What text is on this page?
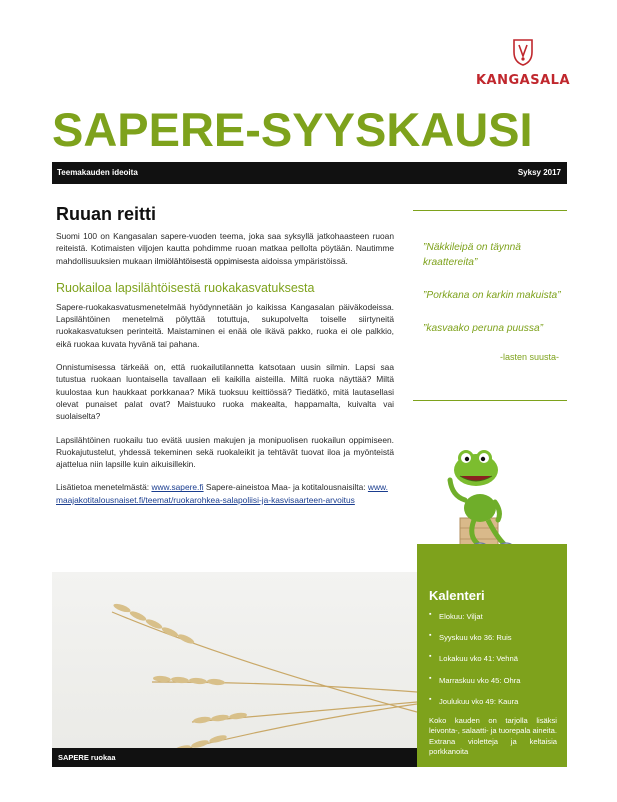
KANGASALA
SAPERE-SYYSKAUSI
Teemakauden ideoita	Syksy 2017
Ruuan reitti

Suomi 100 on Kangasalan sapere-vuoden teema, joka saa syksyllä jatkohaasteen ruoan reiteistä. Kotimaisten viljojen kautta pohdimme ruoan matkaa pellolta pöytään. Nautimme mahdollisuuksien mukaan ilmiölähtöisestä oppimisesta aidoissa ympäristöissä.

Ruokailoa lapsilähtöisestä ruokakasvatuksesta

Sapere-ruokakasvatusmenetelmää hyödynnetään jo kaikissa Kangasalan päiväkodeissa. Lapsilähtöinen menetelmä pölyttää totuttuja, sukupolvelta toiselle siirtyneitä ruokakasvatuksen perinteitä. Maistaminen ei enää ole ikävä pakko, ruoka ei ole palkkio, eikä ruokaa kuvata hyvänä tai pahana.

Onnistumisessa tärkeää on, että ruokailutilannetta katsotaan uusin silmin. Lapsi saa tutustua ruokaan luontaisella tavallaan eli kaikilla aisteilla. Miltä ruoka näyttää? Miltä kuulostaa kun haukkaat porkkanaa? Mikä tuoksuu keittiössä? Tiedätkö, mitä lautasellasi olevat punaiset palat ovat? Maistuuko ruoka makealta, happamalta, kuivalta vai suolaiselta?

Lapsilähtöinen ruokailu tuo evätä uusien makujen ja monipuolisen ruokailun oppimiseen. Ruokajutustelut, yhdessä tekeminen sekä ruokaleikit ja tehtävät tuovat iloa ja myönteistä ajattelua niin lapsille kuin aikuisillekin.

Lisätietoa menetelmästä: www.sapere.fi Sapere-aineistoa Maa- ja kotitalousnaisilta: www.maajakotitalousnaiset.fi/teemat/ruokarohkea-salapoliisi-ja-kasvisaarteen-arvoitus

”Näkkileipä on täynnä kraattereita”
”Porkkana on karkin makuista”
”kasvaako peruna puussa”
-lasten suusta-
SAPERE ruokaa
Kalenteri
▪ Elokuu: Viljat
▪ Syyskuu vko 36: Ruis
▪ Lokakuu vko 41: Vehnä
▪ Marraskuu vko 45: Ohra
▪ Joulukuu vko 49: Kaura
Koko kauden on tarjolla lisäksi leivonta-, salaatti- ja tuorepala aineita. Extrana violetteja ja keltaisia porkkanoita
